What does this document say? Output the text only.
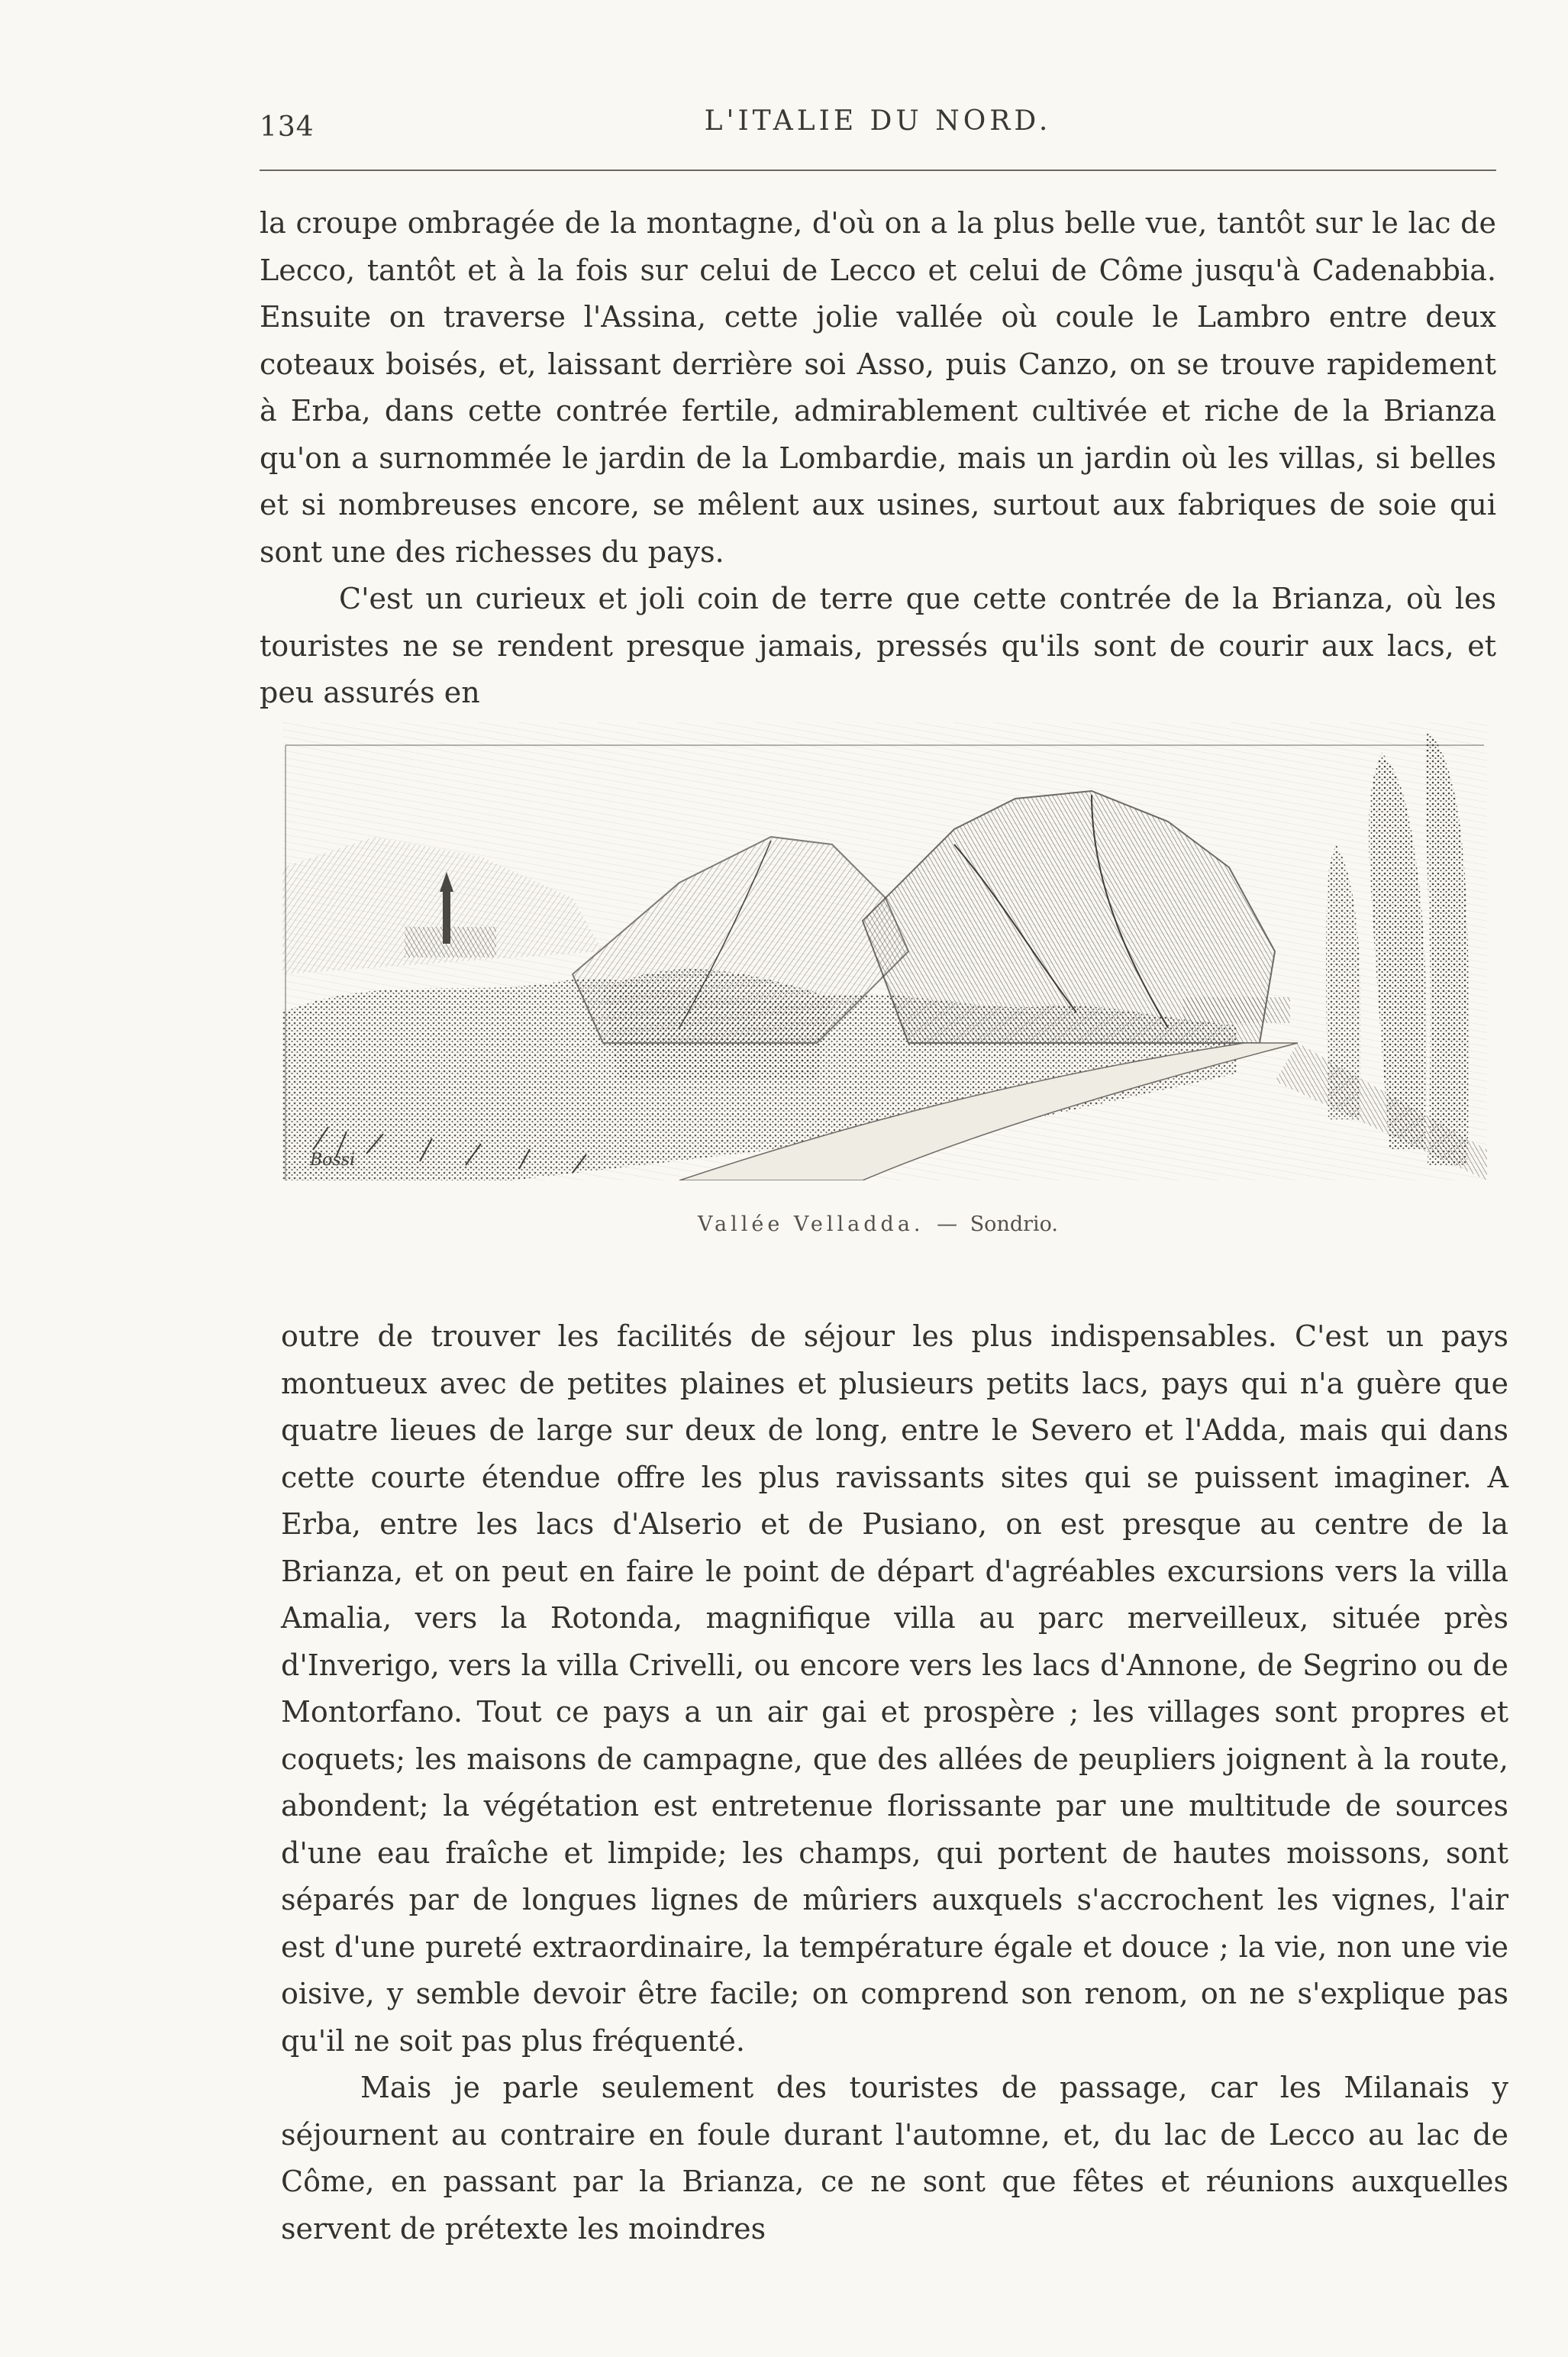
134	L'ITALIE DU NORD.

la croupe ombragée de la montagne, d'où on a la plus belle vue, tantôt sur le lac de Lecco, tantôt et à la fois sur celui de Lecco et celui de Côme jusqu'à Cadenabbia. Ensuite on traverse l'Assina, cette jolie vallée où coule le Lambro entre deux coteaux boisés, et, laissant derrière soi Asso, puis Canzo, on se trouve rapidement à Erba, dans cette contrée fertile, admirablement cultivée et riche de la Brianza qu'on a surnommée le jardin de la Lombardie, mais un jardin où les villas, si belles et si nombreuses encore, se mêlent aux usines, surtout aux fabriques de soie qui sont une des richesses du pays.

C'est un curieux et joli coin de terre que cette contrée de la Brianza, où les touristes ne se rendent presque jamais, pressés qu'ils sont de courir aux lacs, et peu assurés en

Bossi
Vallée Velladda. — Sondrio.

outre de trouver les facilités de séjour les plus indispensables. C'est un pays montueux avec de petites plaines et plusieurs petits lacs, pays qui n'a guère que quatre lieues de large sur deux de long, entre le Severo et l'Adda, mais qui dans cette courte étendue offre les plus ravissants sites qui se puissent imaginer. A Erba, entre les lacs d'Alserio et de Pusiano, on est presque au centre de la Brianza, et on peut en faire le point de départ d'agréables excursions vers la villa Amalia, vers la Rotonda, magnifique villa au parc merveilleux, située près d'Inverigo, vers la villa Crivelli, ou encore vers les lacs d'Annone, de Segrino ou de Montorfano. Tout ce pays a un air gai et prospère ; les villages sont propres et coquets; les maisons de campagne, que des allées de peupliers joignent à la route, abondent; la végétation est entretenue florissante par une multitude de sources d'une eau fraîche et limpide; les champs, qui portent de hautes moissons, sont séparés par de longues lignes de mûriers auxquels s'accrochent les vignes, l'air est d'une pureté extraordinaire, la température égale et douce ; la vie, non une vie oisive, y semble devoir être facile; on comprend son renom, on ne s'explique pas qu'il ne soit pas plus fréquenté.

Mais je parle seulement des touristes de passage, car les Milanais y séjournent au contraire en foule durant l'automne, et, du lac de Lecco au lac de Côme, en passant par la Brianza, ce ne sont que fêtes et réunions auxquelles servent de prétexte les moindres
